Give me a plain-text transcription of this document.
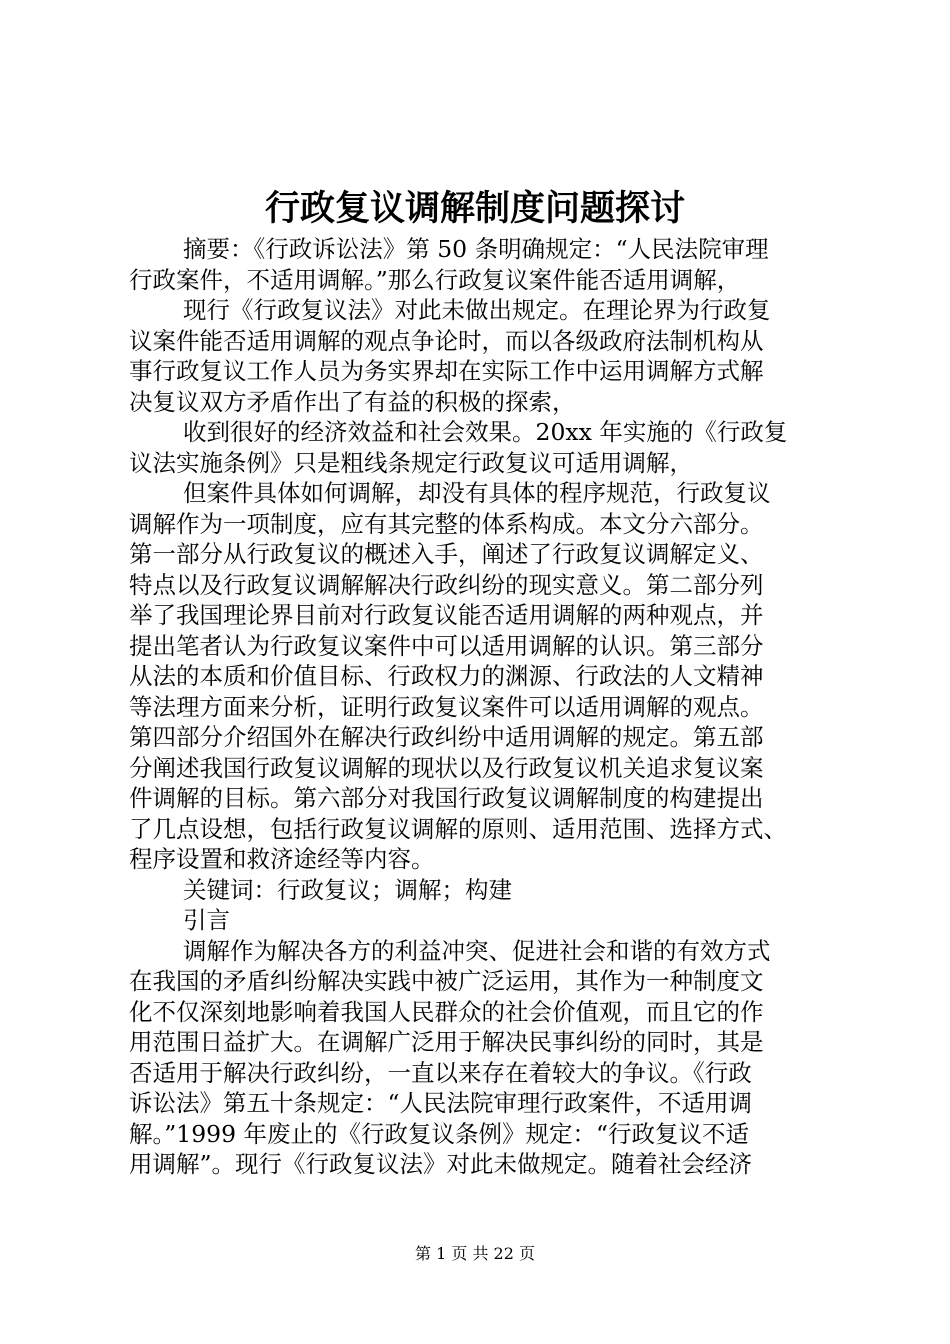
行政复议调解制度问题探讨
摘要：《行政诉讼法》第 50 条明确规定：“人民法院审理
行政案件，不适用调解。”那么行政复议案件能否适用调解，
现行《行政复议法》对此未做出规定。在理论界为行政复
议案件能否适用调解的观点争论时，而以各级政府法制机构从
事行政复议工作人员为务实界却在实际工作中运用调解方式解
决复议双方矛盾作出了有益的积极的探索，
收到很好的经济效益和社会效果。20xx 年实施的《行政复
议法实施条例》只是粗线条规定行政复议可适用调解，
但案件具体如何调解，却没有具体的程序规范，行政复议
调解作为一项制度，应有其完整的体系构成。本文分六部分。
第一部分从行政复议的概述入手，阐述了行政复议调解定义、
特点以及行政复议调解解决行政纠纷的现实意义。第二部分列
举了我国理论界目前对行政复议能否适用调解的两种观点，并
提出笔者认为行政复议案件中可以适用调解的认识。第三部分
从法的本质和价值目标、行政权力的渊源、行政法的人文精神
等法理方面来分析，证明行政复议案件可以适用调解的观点。
第四部分介绍国外在解决行政纠纷中适用调解的规定。第五部
分阐述我国行政复议调解的现状以及行政复议机关追求复议案
件调解的目标。第六部分对我国行政复议调解制度的构建提出
了几点设想，包括行政复议调解的原则、适用范围、选择方式、
程序设置和救济途经等内容。
关键词：行政复议；调解；构建
引言
调解作为解决各方的利益冲突、促进社会和谐的有效方式
在我国的矛盾纠纷解决实践中被广泛运用，其作为一种制度文
化不仅深刻地影响着我国人民群众的社会价值观，而且它的作
用范围日益扩大。在调解广泛用于解决民事纠纷的同时，其是
否适用于解决行政纠纷，一直以来存在着较大的争议。《行政
诉讼法》第五十条规定：“人民法院审理行政案件，不适用调
解。”1999 年废止的《行政复议条例》规定：“行政复议不适
用调解”。现行《行政复议法》对此未做规定。随着社会经济
第 1 页 共 22 页
